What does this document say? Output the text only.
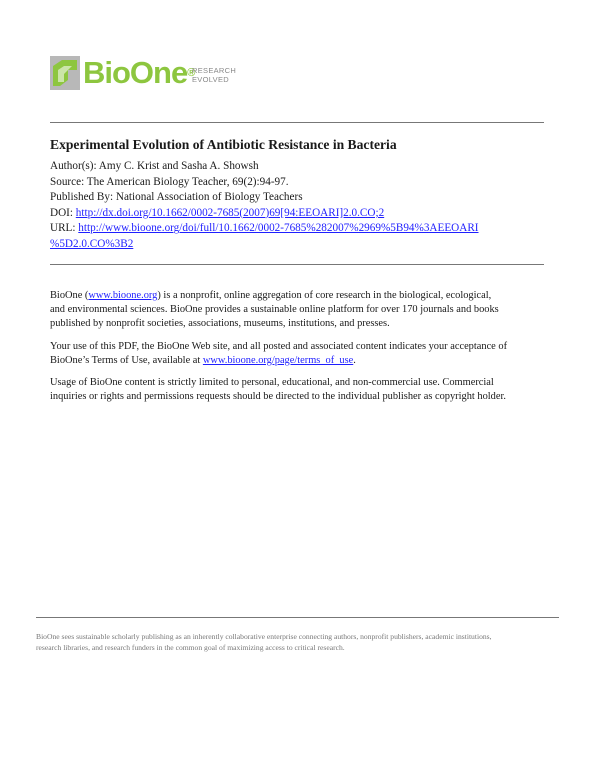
BioOne®
RESEARCH
EVOLVED
Experimental Evolution of Antibiotic Resistance in Bacteria
Author(s): Amy C. Krist and Sasha A. Showsh
Source: The American Biology Teacher, 69(2):94-97.
Published By: National Association of Biology Teachers
DOI: http://dx.doi.org/10.1662/0002-7685(2007)69[94:EEOARI]2.0.CO;2
URL: http://www.bioone.org/doi/full/10.1662/0002-7685%282007%2969%5B94%3AEEOARI
%5D2.0.CO%3B2

BioOne (www.bioone.org) is a nonprofit, online aggregation of core research in the biological, ecological,
and environmental sciences. BioOne provides a sustainable online platform for over 170 journals and books
published by nonprofit societies, associations, museums, institutions, and presses.

Your use of this PDF, the BioOne Web site, and all posted and associated content indicates your acceptance of
BioOne’s Terms of Use, available at www.bioone.org/page/terms_of_use.

Usage of BioOne content is strictly limited to personal, educational, and non-commercial use. Commercial
inquiries or rights and permissions requests should be directed to the individual publisher as copyright holder.

BioOne sees sustainable scholarly publishing as an inherently collaborative enterprise connecting authors, nonprofit publishers, academic institutions,
research libraries, and research funders in the common goal of maximizing access to critical research.
